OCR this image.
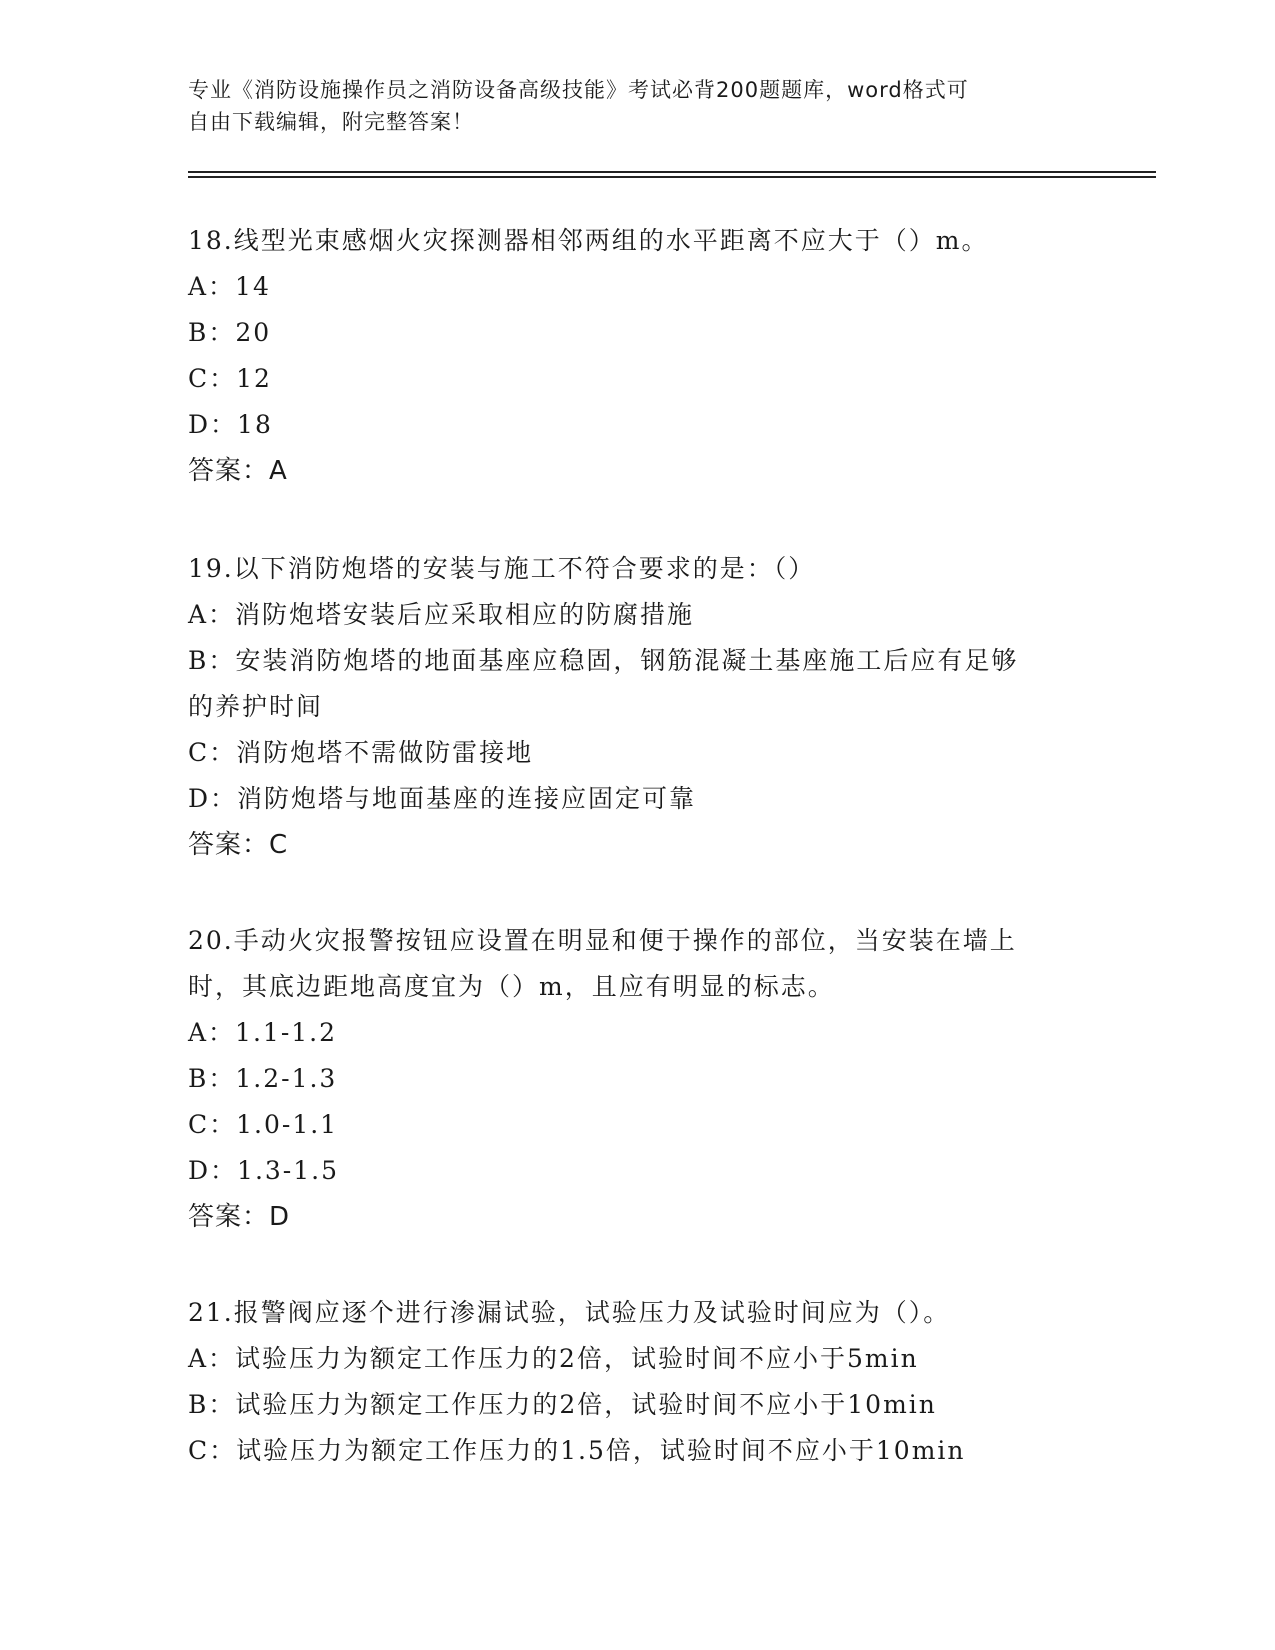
专业《消防设施操作员之消防设备高级技能》考试必背200题题库，word格式可
自由下载编辑，附完整答案！
18.线型光束感烟火灾探测器相邻两组的水平距离不应大于（）m。
A：14
B：20
C：12
D：18
答案：A
19.以下消防炮塔的安装与施工不符合要求的是：（）
A：消防炮塔安装后应采取相应的防腐措施
B：安装消防炮塔的地面基座应稳固，钢筋混凝土基座施工后应有足够
的养护时间
C：消防炮塔不需做防雷接地
D：消防炮塔与地面基座的连接应固定可靠
答案：C
20.手动火灾报警按钮应设置在明显和便于操作的部位，当安装在墙上
时，其底边距地高度宜为（）m，且应有明显的标志。
A：1.1-1.2
B：1.2-1.3
C：1.0-1.1
D：1.3-1.5
答案：D
21.报警阀应逐个进行渗漏试验，试验压力及试验时间应为（）。
A：试验压力为额定工作压力的2倍，试验时间不应小于5min
B：试验压力为额定工作压力的2倍，试验时间不应小于10min
C：试验压力为额定工作压力的1.5倍，试验时间不应小于10min
